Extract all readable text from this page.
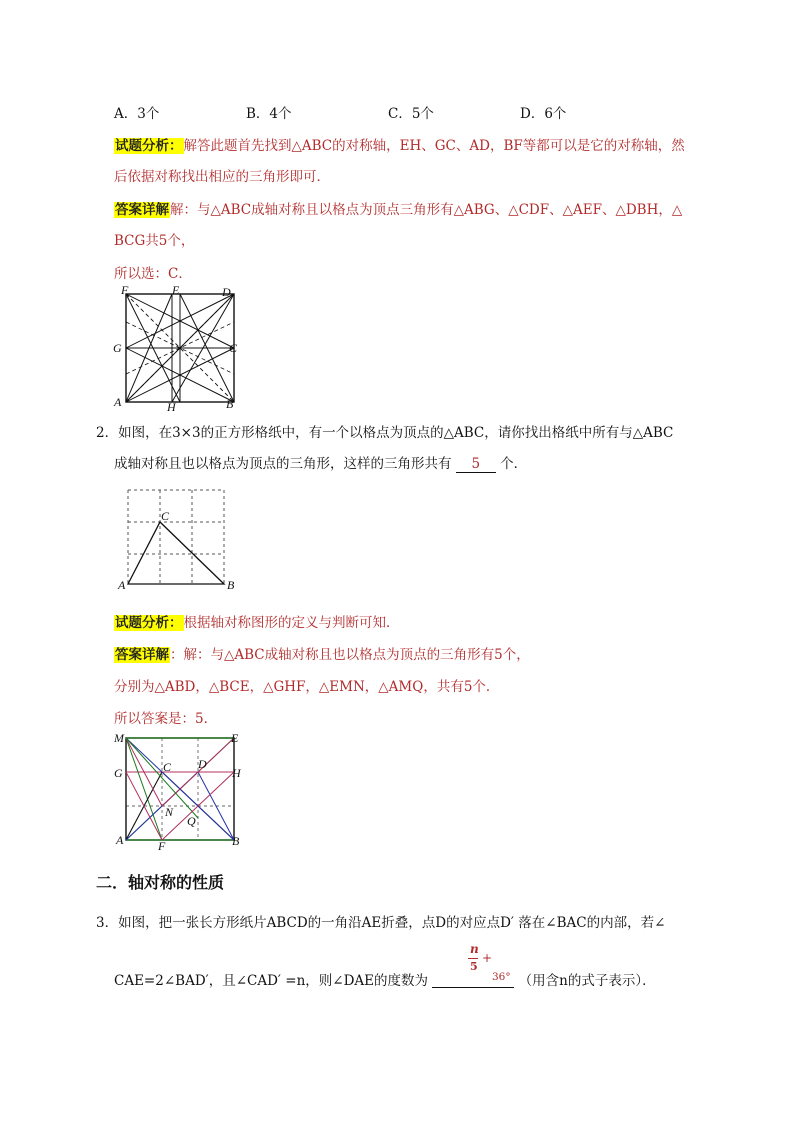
A．3个	B．4个	C．5个	D．6个
试题分析：解答此题首先找到△ABC的对称轴，EH、GC、AD，BF等都可以是它的对称轴，然
后依据对称找出相应的三角形即可．
答案详解解：与△ABC成轴对称且以格点为顶点三角形有△ABG、△CDF、△AEF、△DBH，△
BCG共5个，
所以选：C．
F	E	D
G	C
A	H	B
2．如图，在3×3的正方形格纸中，有一个以格点为顶点的△ABC，请你找出格纸中所有与△ABC
成轴对称且也以格点为顶点的三角形，这样的三角形共有 5 个．
A	B
C
试题分析：根据轴对称图形的定义与判断可知．
答案详解：解：与△ABC成轴对称且也以格点为顶点的三角形有5个，
分别为△ABD，△BCE，△GHF，△EMN，△AMQ，共有5个．
所以答案是：5．
M	E
G	C D
H
N
Q
A	F	B
二．轴对称的性质
3．如图，把一张长方形纸片ABCD的一角沿AE折叠，点D的对应点D′ 落在∠BAC的内部，若∠
CAE=2∠BAD′，且∠CAD′ =n，则∠DAE的度数为	（用含n的式子表示）．
n
5
+
36°
